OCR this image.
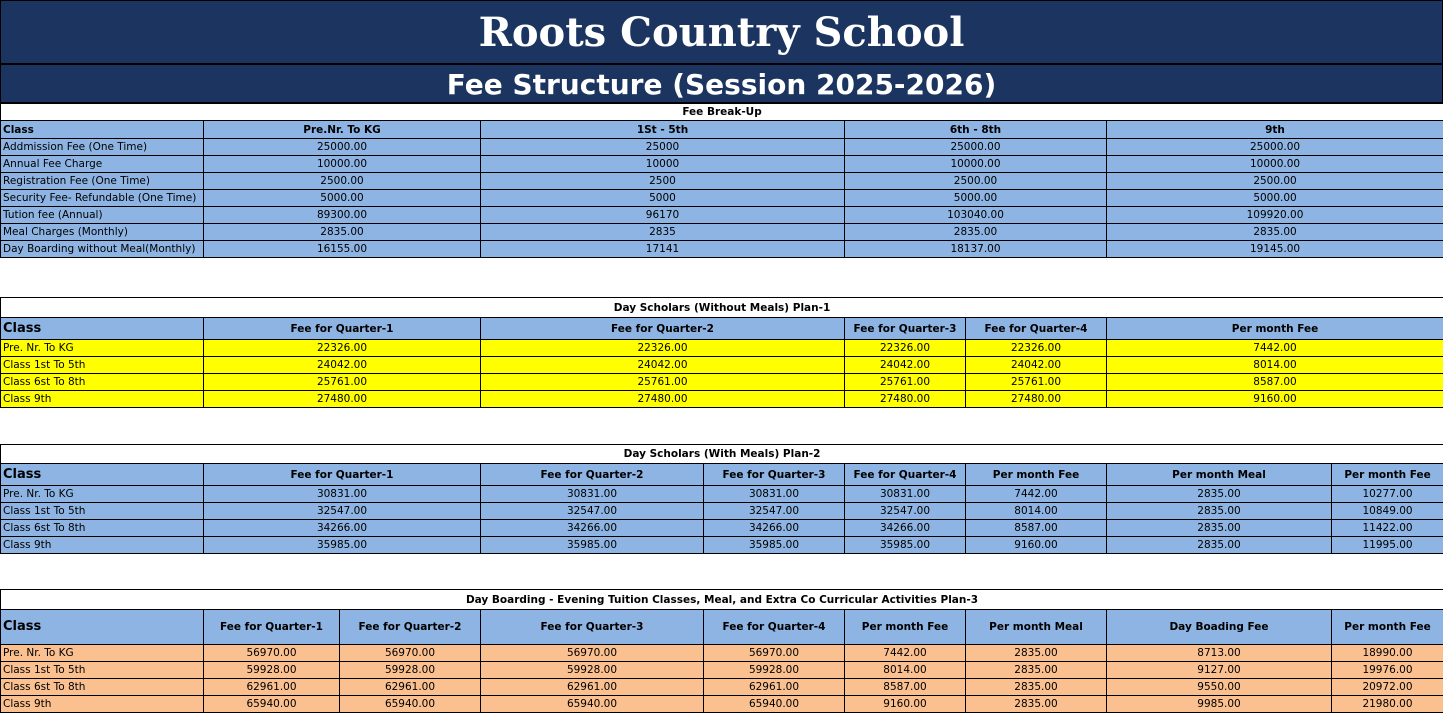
Roots Country School
Fee Structure (Session 2025-2026)
Fee Break-Up				
Class	Pre.Nr. To KG	1St - 5th	6th - 8th	9th
Addmission Fee (One Time)	25000.00	25000	25000.00	25000.00
Annual Fee Charge	10000.00	10000	10000.00	10000.00
Registration Fee (One Time)	2500.00	2500	2500.00	2500.00
Security Fee- Refundable (One Time)	5000.00	5000	5000.00	5000.00
Tution fee (Annual)	89300.00	96170	103040.00	109920.00
Meal Charges (Monthly)	2835.00	2835	2835.00	2835.00
Day Boarding without Meal(Monthly)	16155.00	17141	18137.00	19145.00
Day Scholars (Without Meals) Plan-1					
Class	Fee for Quarter-1	Fee for Quarter-2	Fee for Quarter-3	Fee for Quarter-4	Per month Fee
Pre. Nr. To KG	22326.00	22326.00	22326.00	22326.00	7442.00
Class 1st To 5th	24042.00	24042.00	24042.00	24042.00	8014.00
Class 6st To 8th	25761.00	25761.00	25761.00	25761.00	8587.00
Class 9th	27480.00	27480.00	27480.00	27480.00	9160.00
Day Scholars (With Meals) Plan-2							
Class	Fee for Quarter-1	Fee for Quarter-2	Fee for Quarter-3	Fee for Quarter-4	Per month Fee	Per month Meal	Per month Fee
Pre. Nr. To KG	30831.00	30831.00	30831.00	30831.00	7442.00	2835.00	10277.00
Class 1st To 5th	32547.00	32547.00	32547.00	32547.00	8014.00	2835.00	10849.00
Class 6st To 8th	34266.00	34266.00	34266.00	34266.00	8587.00	2835.00	11422.00
Class 9th	35985.00	35985.00	35985.00	35985.00	9160.00	2835.00	11995.00
Day Boarding - Evening Tuition Classes, Meal, and Extra Co Curricular Activities Plan-3								
Class	Fee for Quarter-1	Fee for Quarter-2	Fee for Quarter-3	Fee for Quarter-4	Per month Fee	Per month Meal	Day Boading Fee	Per month Fee
Pre. Nr. To KG	56970.00	56970.00	56970.00	56970.00	7442.00	2835.00	8713.00	18990.00
Class 1st To 5th	59928.00	59928.00	59928.00	59928.00	8014.00	2835.00	9127.00	19976.00
Class 6st To 8th	62961.00	62961.00	62961.00	62961.00	8587.00	2835.00	9550.00	20972.00
Class 9th	65940.00	65940.00	65940.00	65940.00	9160.00	2835.00	9985.00	21980.00
